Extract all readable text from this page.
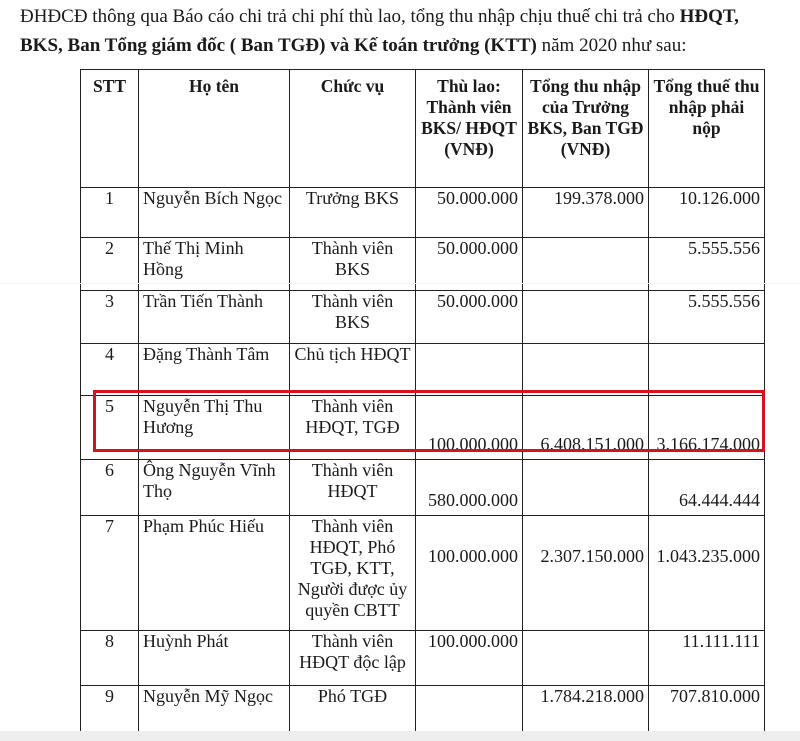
ĐHĐCĐ thông qua Báo cáo chi trả chi phí thù lao, tổng thu nhập chịu thuế chi trả cho HĐQT,
BKS, Ban Tổng giám đốc ( Ban TGĐ) và Kế toán trưởng (KTT) năm 2020 như sau:
STT	Họ tên	Chức vụ	Thù lao: Thành viên BKS/ HĐQT (VNĐ)	Tổng thu nhập của Trưởng BKS, Ban TGĐ (VNĐ)	Tổng thuế thu nhập phải nộp
1	Nguyễn Bích Ngọc	Trưởng BKS	50.000.000	199.378.000	10.126.000
2	Thế Thị Minh Hồng	Thành viên BKS	50.000.000		5.555.556
3	Trần Tiến Thành	Thành viên BKS	50.000.000		5.555.556
4	Đặng Thành Tâm	Chủ tịch HĐQT			
5	Nguyễn Thị Thu Hương	Thành viên HĐQT, TGĐ	100.000.000	6.408.151.000	3.166.174.000
6	Ông Nguyễn Vĩnh Thọ	Thành viên HĐQT	580.000.000		64.444.444
7	Phạm Phúc Hiếu	Thành viên HĐQT, Phó TGĐ, KTT, Người được ủy quyền CBTT	100.000.000	2.307.150.000	1.043.235.000
8	Huỳnh Phát	Thành viên HĐQT độc lập	100.000.000		11.111.111
9	Nguyễn Mỹ Ngọc	Phó TGĐ		1.784.218.000	707.810.000
